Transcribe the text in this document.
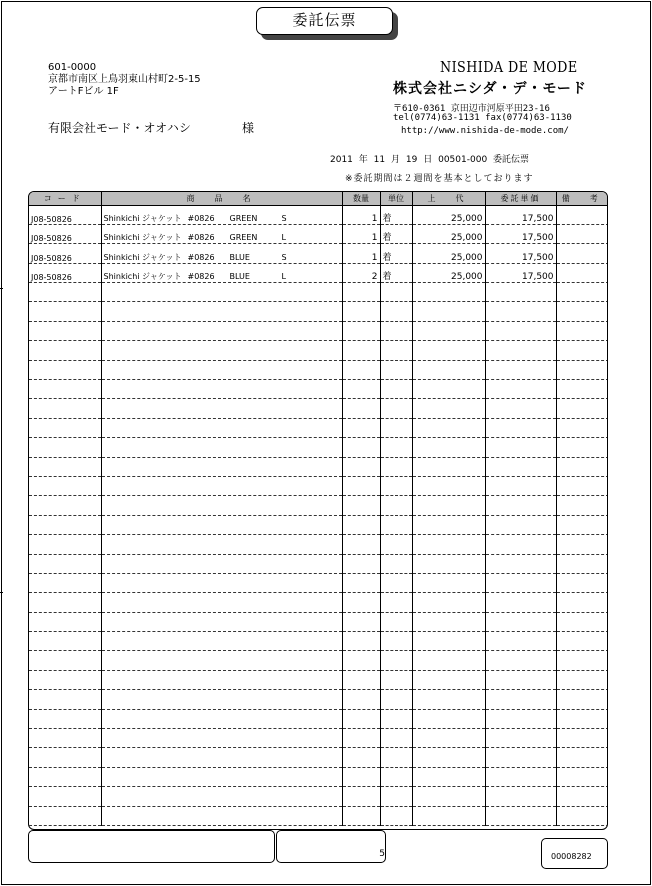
委託伝票
601-0000
京都市南区上鳥羽東山村町2-5-15
アートFビル 1F
有限会社モード・オオハシ	様
NISHIDA DE MODE
株式会社ニシダ・デ・モード
〒610-0361 京田辺市河原平田23-16
tel(0774)63-1131 fax(0774)63-1130
http://www.nishida-de-mode.com/
2011 年 11 月 19 日 00501-000 委託伝票
※委託期間は２週間を基本としております
コード	商　品　名	数量	単位	上　代	委託単価	備　考
J08-50826	Shinkichi ジャケット #0826 GREEN S	1	着	25,000	17,500	
J08-50826	Shinkichi ジャケット #0826 GREEN L	1	着	25,000	17,500	
J08-50826	Shinkichi ジャケット #0826 BLUE S	1	着	25,000	17,500	
J08-50826	Shinkichi ジャケット #0826 BLUE L	2	着	25,000	17,500	

5	00008282
